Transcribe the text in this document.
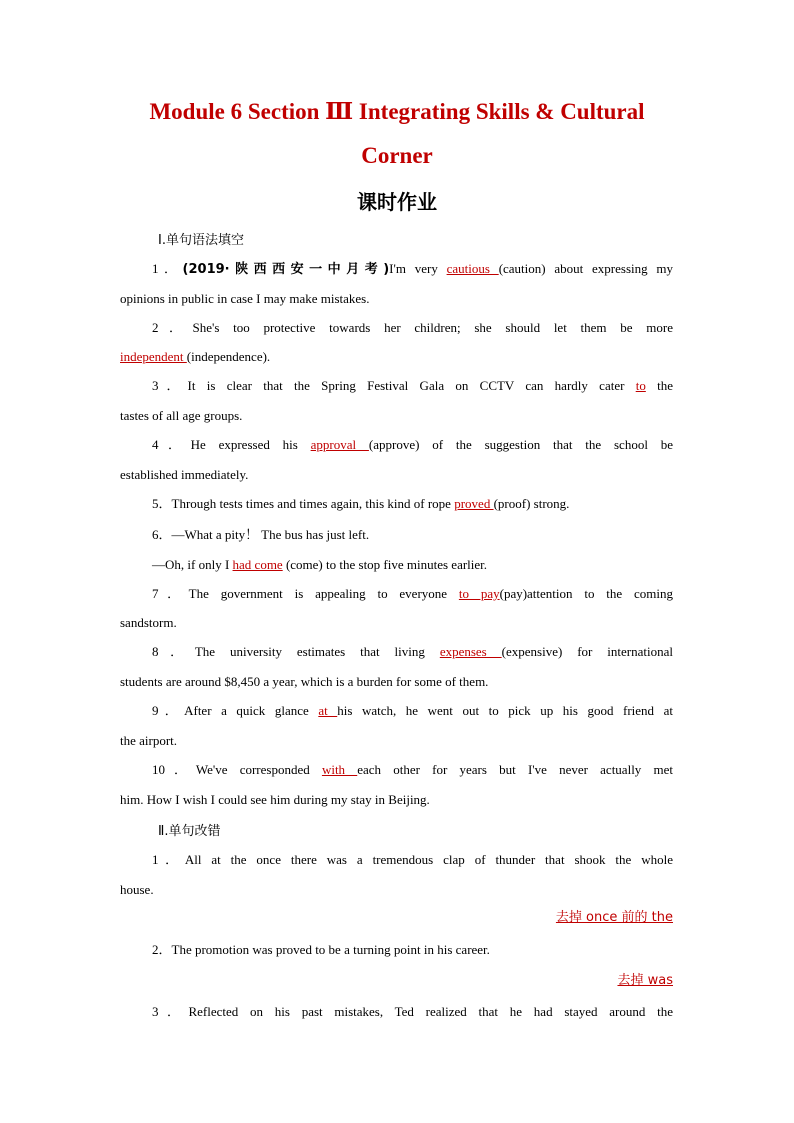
Module 6 Section Ⅲ Integrating Skills & Cultural
Corner
课时作业
Ⅰ.单句语法填空
1．(2019·陕西西安一中月考)I'm very cautious (caution) about expressing my
opinions in public in case I may make mistakes.
2．She's too protective towards her children; she should let them be more
independent (independence).
3．It is clear that the Spring Festival Gala on CCTV can hardly cater to the
tastes of all age groups.
4．He expressed his approval (approve) of the suggestion that the school be
established immediately.
5．Through tests times and times again, this kind of rope proved (proof) strong.
6．—What a pity！ The bus has just left.
—Oh, if only I had come (come) to the stop five minutes earlier.
7．The government is appealing to everyone to pay(pay)attention to the coming
sandstorm.
8．The university estimates that living expenses (expensive) for international
students are around $8,450 a year, which is a burden for some of them.
9．After a quick glance at his watch, he went out to pick up his good friend at
the airport.
10．We've corresponded with each other for years but I've never actually met
him. How I wish I could see him during my stay in Beijing.
Ⅱ.单句改错
1．All at the once there was a tremendous clap of thunder that shook the whole
house.
去掉 once 前的 the
2．The promotion was proved to be a turning point in his career.
去掉 was
3．Reflected on his past mistakes, Ted realized that he had stayed around the
